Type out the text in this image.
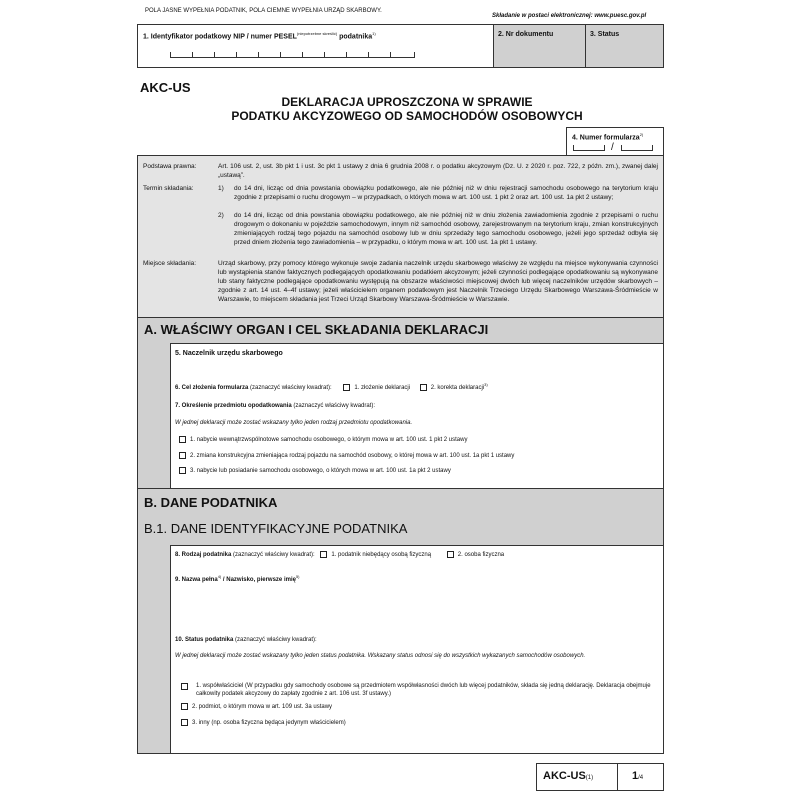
POLA JASNE WYPEŁNIA PODATNIK, POLA CIEMNE WYPEŁNIA URZĄD SKARBOWY.
Składanie w postaci elektronicznej: www.puesc.gov.pl
1. Identyfikator podatkowy NIP / numer $PESEL^{(niepotrzebne skreślić)}$ podatnika$^{1)}$	2. Nr dokumentu	3. Status
AKC-US
DEKLARACJA UPROSZCZONA W SPRAWIE
PODATKU AKCYZOWEGO OD SAMOCHODÓW OSOBOWYCH
4. Numer formularza$^{2)}$
/
Podstawa prawna:	Art. 106 ust. 2, ust. 3b pkt 1 i ust. 3c pkt 1 ustawy z dnia 6 grudnia 2008 r. o podatku akcyzowym (Dz. U. z 2020 r. poz. 722, z późn. zm.), zwanej dalej „ustawą”.
Termin składania:	1) do 14 dni, licząc od dnia powstania obowiązku podatkowego, ale nie później niż w dniu rejestracji samochodu osobowego na terytorium kraju zgodnie z przepisami o ruchu drogowym – w przypadkach, o których mowa w art. 100 ust. 1 pkt 2 oraz art. 100 ust. 1a pkt 2 ustawy;
2) do 14 dni, licząc od dnia powstania obowiązku podatkowego, ale nie później niż w dniu złożenia zawiadomienia zgodnie z przepisami o ruchu drogowym o dokonaniu w pojeździe samochodowym, innym niż samochód osobowy, zarejestrowanym na terytorium kraju, zmian konstrukcyjnych zmieniających rodzaj tego pojazdu na samochód osobowy lub w dniu sprzedaży tego samochodu osobowego, jeżeli jego sprzedaż odbyła się przed dniem złożenia tego zawiadomienia – w przypadku, o którym mowa w art. 100 ust. 1a pkt 1 ustawy.
Miejsce składania:	Urząd skarbowy, przy pomocy którego wykonuje swoje zadania naczelnik urzędu skarbowego właściwy ze względu na miejsce wykonywania czynności lub wystąpienia stanów faktycznych podlegających opodatkowaniu podatkiem akcyzowym; jeżeli czynności podlegające opodatkowaniu są wykonywane lub stany faktyczne podlegające opodatkowaniu występują na obszarze właściwości miejscowej dwóch lub więcej naczelników urzędów skarbowych – zgodnie z art. 14 ust. 4–4f ustawy; jeżeli właścicielem organem podatkowym jest Naczelnik Trzeciego Urzędu Skarbowego Warszawa-Śródmieście w Warszawie, to miejscem składania jest Trzeci Urząd Skarbowy Warszawa-Śródmieście w Warszawie.
A. WŁAŚCIWY ORGAN I CEL SKŁADANIA DEKLARACJI
5. Naczelnik urzędu skarbowego
6. Cel złożenia formularza (zaznaczyć właściwy kwadrat):	1. złożenie deklaracji	2. korekta deklaracji$^{3)}$
7. Określenie przedmiotu opodatkowania (zaznaczyć właściwy kwadrat):
W jednej deklaracji może zostać wskazany tylko jeden rodzaj przedmiotu opodatkowania.
1. nabycie wewnątrzwspólnotowe samochodu osobowego, o którym mowa w art. 100 ust. 1 pkt 2 ustawy
2. zmiana konstrukcyjna zmieniająca rodzaj pojazdu na samochód osobowy, o której mowa w art. 100 ust. 1a pkt 1 ustawy
3. nabycie lub posiadanie samochodu osobowego, o których mowa w art. 100 ust. 1a pkt 2 ustawy
B. DANE PODATNIKA
B.1. DANE IDENTYFIKACYJNE PODATNIKA
8. Rodzaj podatnika (zaznaczyć właściwy kwadrat):	1. podatnik niebędący osobą fizyczną	2. osoba fizyczna
9. Nazwa pełna$^{4)}$ / Nazwisko, pierwsze imię$^{5)}$
10. Status podatnika (zaznaczyć właściwy kwadrat):
W jednej deklaracji może zostać wskazany tylko jeden status podatnika. Wskazany status odnosi się do wszystkich wykazanych samochodów osobowych.
1. współwłaściciel (W przypadku gdy samochody osobowe są przedmiotem współwłasności dwóch lub więcej podatników, składa się jedną deklarację. Deklaracja obejmuje całkowity podatek akcyzowy do zapłaty zgodnie z art. 106 ust. 3f ustawy.)
2. podmiot, o którym mowa w art. 109 ust. 3a ustawy
3. inny (np. osoba fizyczna będąca jedynym właścicielem)
AKC-US(1)	1/4
